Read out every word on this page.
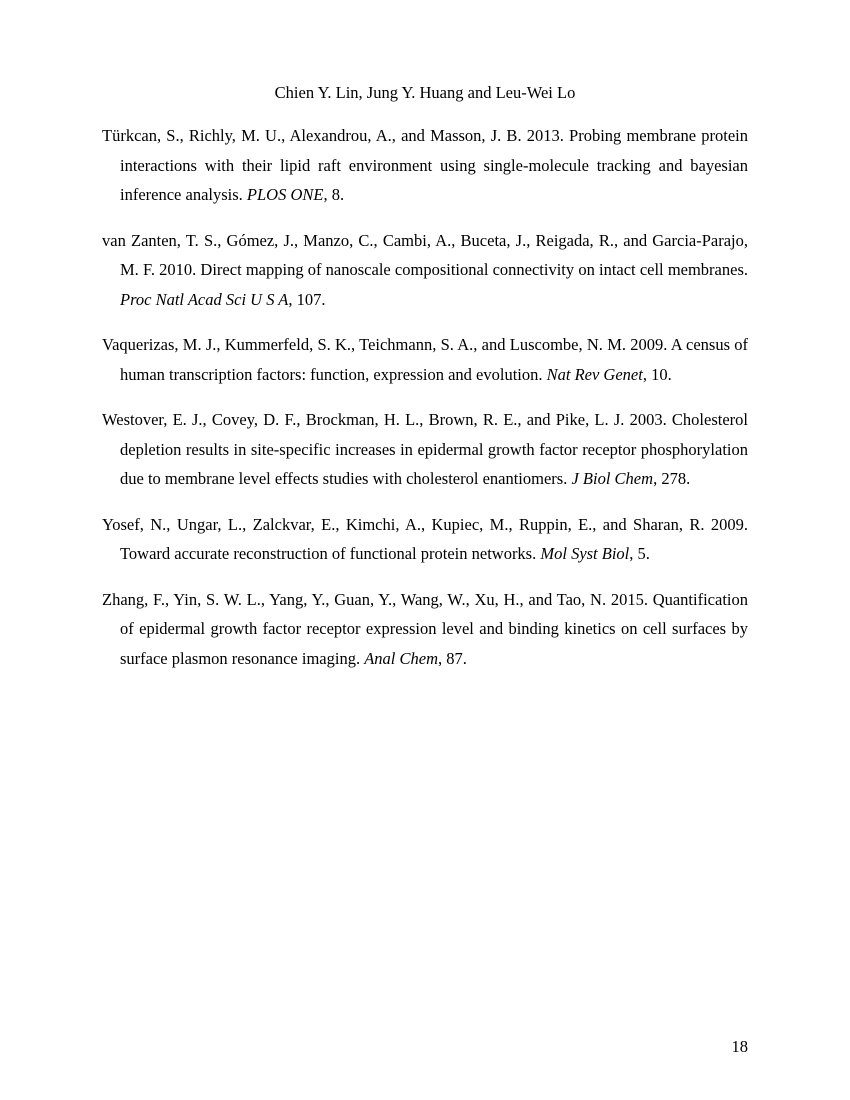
Chien Y. Lin, Jung Y. Huang and Leu-Wei Lo

Türkcan, S., Richly, M. U., Alexandrou, A., and Masson, J. B. 2013. Probing membrane protein interactions with their lipid raft environment using single-molecule tracking and bayesian inference analysis. PLOS ONE, 8.

van Zanten, T. S., Gómez, J., Manzo, C., Cambi, A., Buceta, J., Reigada, R., and Garcia-Parajo, M. F. 2010. Direct mapping of nanoscale compositional connectivity on intact cell membranes. Proc Natl Acad Sci U S A, 107.

Vaquerizas, M. J., Kummerfeld, S. K., Teichmann, S. A., and Luscombe, N. M. 2009. A census of human transcription factors: function, expression and evolution. Nat Rev Genet, 10.

Westover, E. J., Covey, D. F., Brockman, H. L., Brown, R. E., and Pike, L. J. 2003. Cholesterol depletion results in site-specific increases in epidermal growth factor receptor phosphorylation due to membrane level effects studies with cholesterol enantiomers. J Biol Chem, 278.

Yosef, N., Ungar, L., Zalckvar, E., Kimchi, A., Kupiec, M., Ruppin, E., and Sharan, R. 2009. Toward accurate reconstruction of functional protein networks. Mol Syst Biol, 5.

Zhang, F., Yin, S. W. L., Yang, Y., Guan, Y., Wang, W., Xu, H., and Tao, N. 2015. Quantification of epidermal growth factor receptor expression level and binding kinetics on cell surfaces by surface plasmon resonance imaging. Anal Chem, 87.

18
